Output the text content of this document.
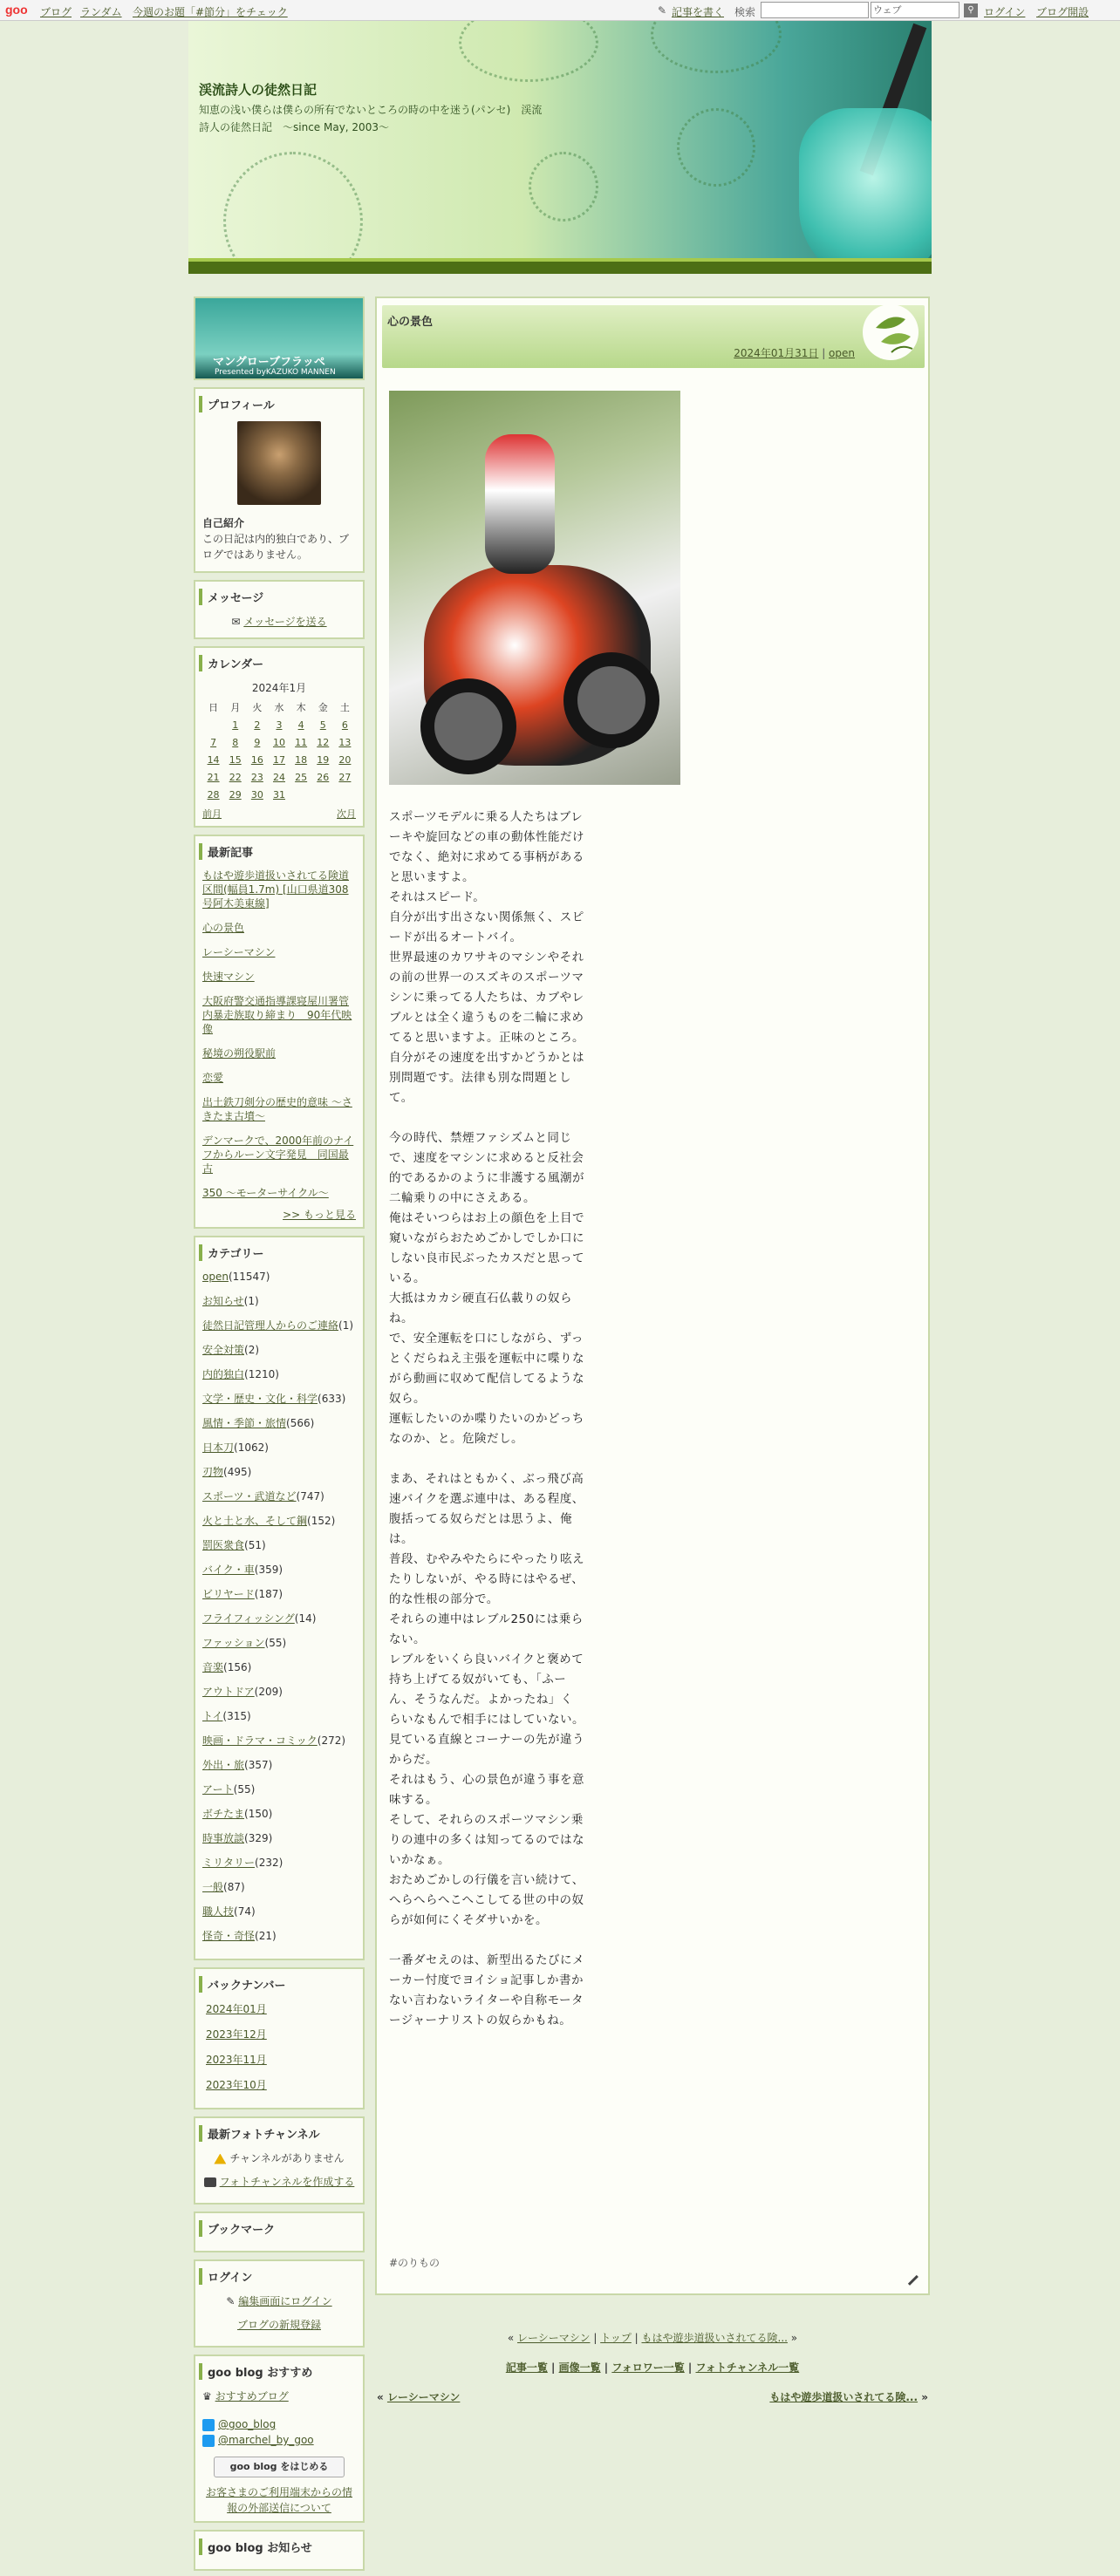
goo ブログ ランダム 今週のお題「#節分」をチェック	✎ 記事を書く 検索	ウェブ	⚲ ログイン ブログ開設
渓流詩人の徒然日記
知恵の浅い僕らは僕らの所有でないところの時の中を迷う(パンセ)　渓流詩人の徒然日記　～since May, 2003～
マングローブフラッペ
Presented byKAZUKO MANNEN
プロフィール
自己紹介
この日記は内的独白であり、ブログではありません。
メッセージ
✉ メッセージを送る
カレンダー
2024年1月
日	月	火	水	木	金	土
	1	2	3	4	5	6
7	8	9	10	11	12	13
14	15	16	17	18	19	20
21	22	23	24	25	26	27
28	29	30	31			
前月	次月
最新記事
もはや遊歩道扱いされてる険道区間(幅員1.7m) [山口県道308号阿木美東線]
心の景色
レーシーマシン
快速マシン
大阪府警交通指導課寝屋川署管内暴走族取り締まり　90年代映像
秘境の朔役駅前
恋愛
出土鉄刀剣分の歴史的意味 ～さきたま古墳～
デンマークで、2000年前のナイフからルーン文字発見　同国最古
350 ～モーターサイクル～
>> もっと見る
カテゴリー
open(11547)
お知らせ(1)
徒然日記管理人からのご連絡(1)
安全対策(2)
内的独白(1210)
文学・歴史・文化・科学(633)
風情・季節・旅情(566)
日本刀(1062)
刃物(495)
スポーツ・武道など(747)
火と土と水、そして鋼(152)
罰医衆食(51)
バイク・車(359)
ビリヤード(187)
フライフィッシング(14)
ファッション(55)
音楽(156)
アウトドア(209)
トイ(315)
映画・ドラマ・コミック(272)
外出・旅(357)
アート(55)
ボチたま(150)
時事放談(329)
ミリタリー(232)
一般(87)
職人技(74)
怪奇・奇怪(21)
バックナンバー
2024年01月
2023年12月
2023年11月
2023年10月
最新フォトチャンネル
チャンネルがありません
フォトチャンネルを作成する
ブックマーク
ログイン
✎ 編集画面にログイン
ブログの新規登録
goo blog おすすめ
♛ おすすめブログ
@goo_blog
@marchel_by_goo
goo blog をはじめる
お客さまのご利用端末からの情報の外部送信について
goo blog お知らせ
心の景色
2024年01月31日 | open

スポーツモデルに乗る人たちはブレーキや旋回などの車の動体性能だけでなく、絶対に求めてる事柄があると思いますよ。
それはスピード。
自分が出す出さない関係無く、スピードが出るオートバイ。
世界最速のカワサキのマシンやそれの前の世界一のスズキのスポーツマシンに乗ってる人たちは、カブやレブルとは全く違うものを二輪に求めてると思いますよ。正味のところ。
自分がその速度を出すかどうかとは別問題です。法律も別な問題として。

今の時代、禁煙ファシズムと同じで、速度をマシンに求めると反社会的であるかのように非護する風潮が二輪乗りの中にさえある。
俺はそいつらはお上の顔色を上目で窺いながらおためごかしでしか口にしない良市民ぶったカスだと思っている。
大抵はカカシ硬直石仏載りの奴らね。
で、安全運転を口にしながら、ずっとくだらねえ主張を運転中に喋りながら動画に収めて配信してるような奴ら。
運転したいのか喋りたいのかどっちなのか、と。危険だし。

まあ、それはともかく、ぶっ飛び高速バイクを選ぶ連中は、ある程度、腹括ってる奴らだとは思うよ、俺は。
普段、むやみやたらにやったり呟えたりしないが、やる時にはやるぜ、的な性根の部分で。
それらの連中はレブル250には乗らない。
レブルをいくら良いバイクと褒めて持ち上げてる奴がいても、「ふーん、そうなんだ。よかったね」くらいなもんで相手にはしていない。
見ている直線とコーナーの先が違うからだ。
それはもう、心の景色が違う事を意味する。
そして、それらのスポーツマシン乗りの連中の多くは知ってるのではないかなぁ。
おためごかしの行儀を言い続けて、へらへらへこへこしてる世の中の奴らが如何にくそダサいかを。

一番ダセえのは、新型出るたびにメーカー忖度でヨイショ記事しか書かない言わないライターや自称モータージャーナリストの奴らかもね。

#のりもの
« レーシーマシン | トップ | もはや遊歩道扱いされてる険... »
記事一覧 | 画像一覧 | フォロワー一覧 | フォトチャンネル一覧
« レーシーマシン	もはや遊歩道扱いされてる険... »
